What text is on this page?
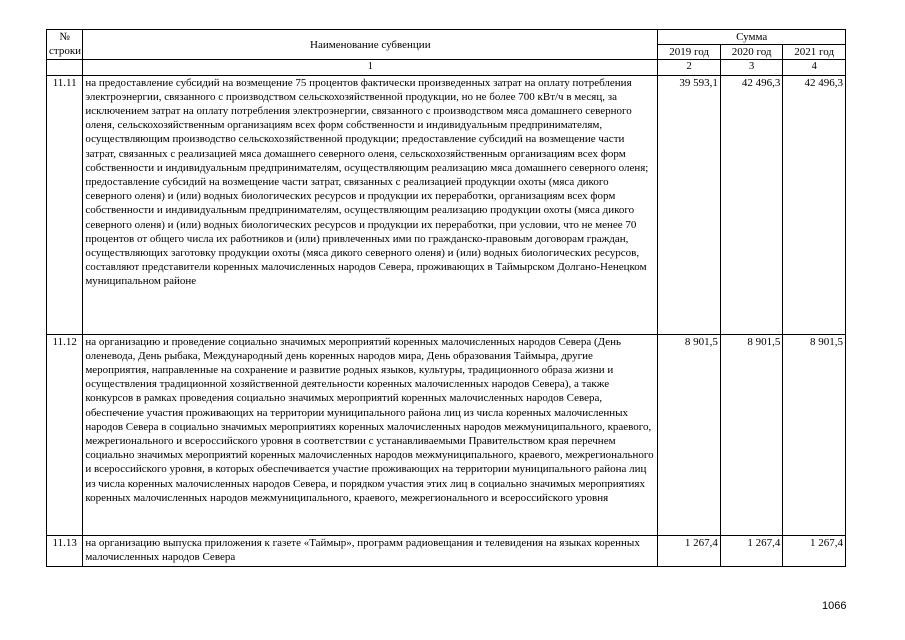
№ строки	Наименование субвенции	Сумма		
		2019 год	2020 год	2021 год
	1	2	3	4
11.11	на предоставление субсидий на возмещение 75 процентов фактически произведенных затрат на оплату потребления электроэнергии, связанного с производством сельскохозяйственной продукции, но не более 700 кВт/ч в месяц, за исключением затрат на оплату потребления электроэнергии, связанного с производством мяса домашнего северного оленя, сельскохозяйственным организациям всех форм собственности и индивидуальным предпринимателям, осуществляющим производство сельскохозяйственной продукции; предоставление субсидий на возмещение части затрат, связанных с реализацией мяса домашнего северного оленя, сельскохозяйственным организациям всех форм собственности и индивидуальным предпринимателям, осуществляющим реализацию мяса домашнего северного оленя; предоставление субсидий на возмещение части затрат, связанных с реализацией продукции охоты (мяса дикого северного оленя) и (или) водных биологических ресурсов и продукции их переработки, организациям всех форм собственности и индивидуальным предпринимателям, осуществляющим реализацию продукции охоты (мяса дикого северного оленя) и (или) водных биологических ресурсов и продукции их переработки, при условии, что не менее 70 процентов от общего числа их работников и (или) привлеченных ими по гражданско-правовым договорам граждан, осуществляющих заготовку продукции охоты (мяса дикого северного оленя) и (или) водных биологических ресурсов, составляют представители коренных малочисленных народов Севера, проживающих в Таймырском Долгано-Ненецком муниципальном районе	39 593,1	42 496,3	42 496,3
11.12	на организацию и проведение социально значимых мероприятий коренных малочисленных народов Севера (День оленевода, День рыбака, Международный день коренных народов мира, День образования Таймыра, другие мероприятия, направленные на сохранение и развитие родных языков, культуры, традиционного образа жизни и осуществления традиционной хозяйственной деятельности коренных малочисленных народов Севера), а также конкурсов в рамках проведения социально значимых мероприятий коренных малочисленных народов Севера, обеспечение участия проживающих на территории муниципального района лиц из числа коренных малочисленных народов Севера в социально значимых мероприятиях коренных малочисленных народов межмуниципального, краевого, межрегионального и всероссийского уровня в соответствии с устанавливаемыми Правительством края перечнем социально значимых мероприятий коренных малочисленных народов межмуниципального, краевого, межрегионального и всероссийского уровня, в которых обеспечивается участие проживающих на территории муниципального района лиц из числа коренных малочисленных народов Севера, и порядком участия этих лиц в социально значимых мероприятиях коренных малочисленных народов межмуниципального, краевого, межрегионального и всероссийского уровня	8 901,5	8 901,5	8 901,5
11.13	на организацию выпуска приложения к газете «Таймыр», программ радиовещания и телевидения на языках коренных малочисленных народов Севера	1 267,4	1 267,4	1 267,4
1066
